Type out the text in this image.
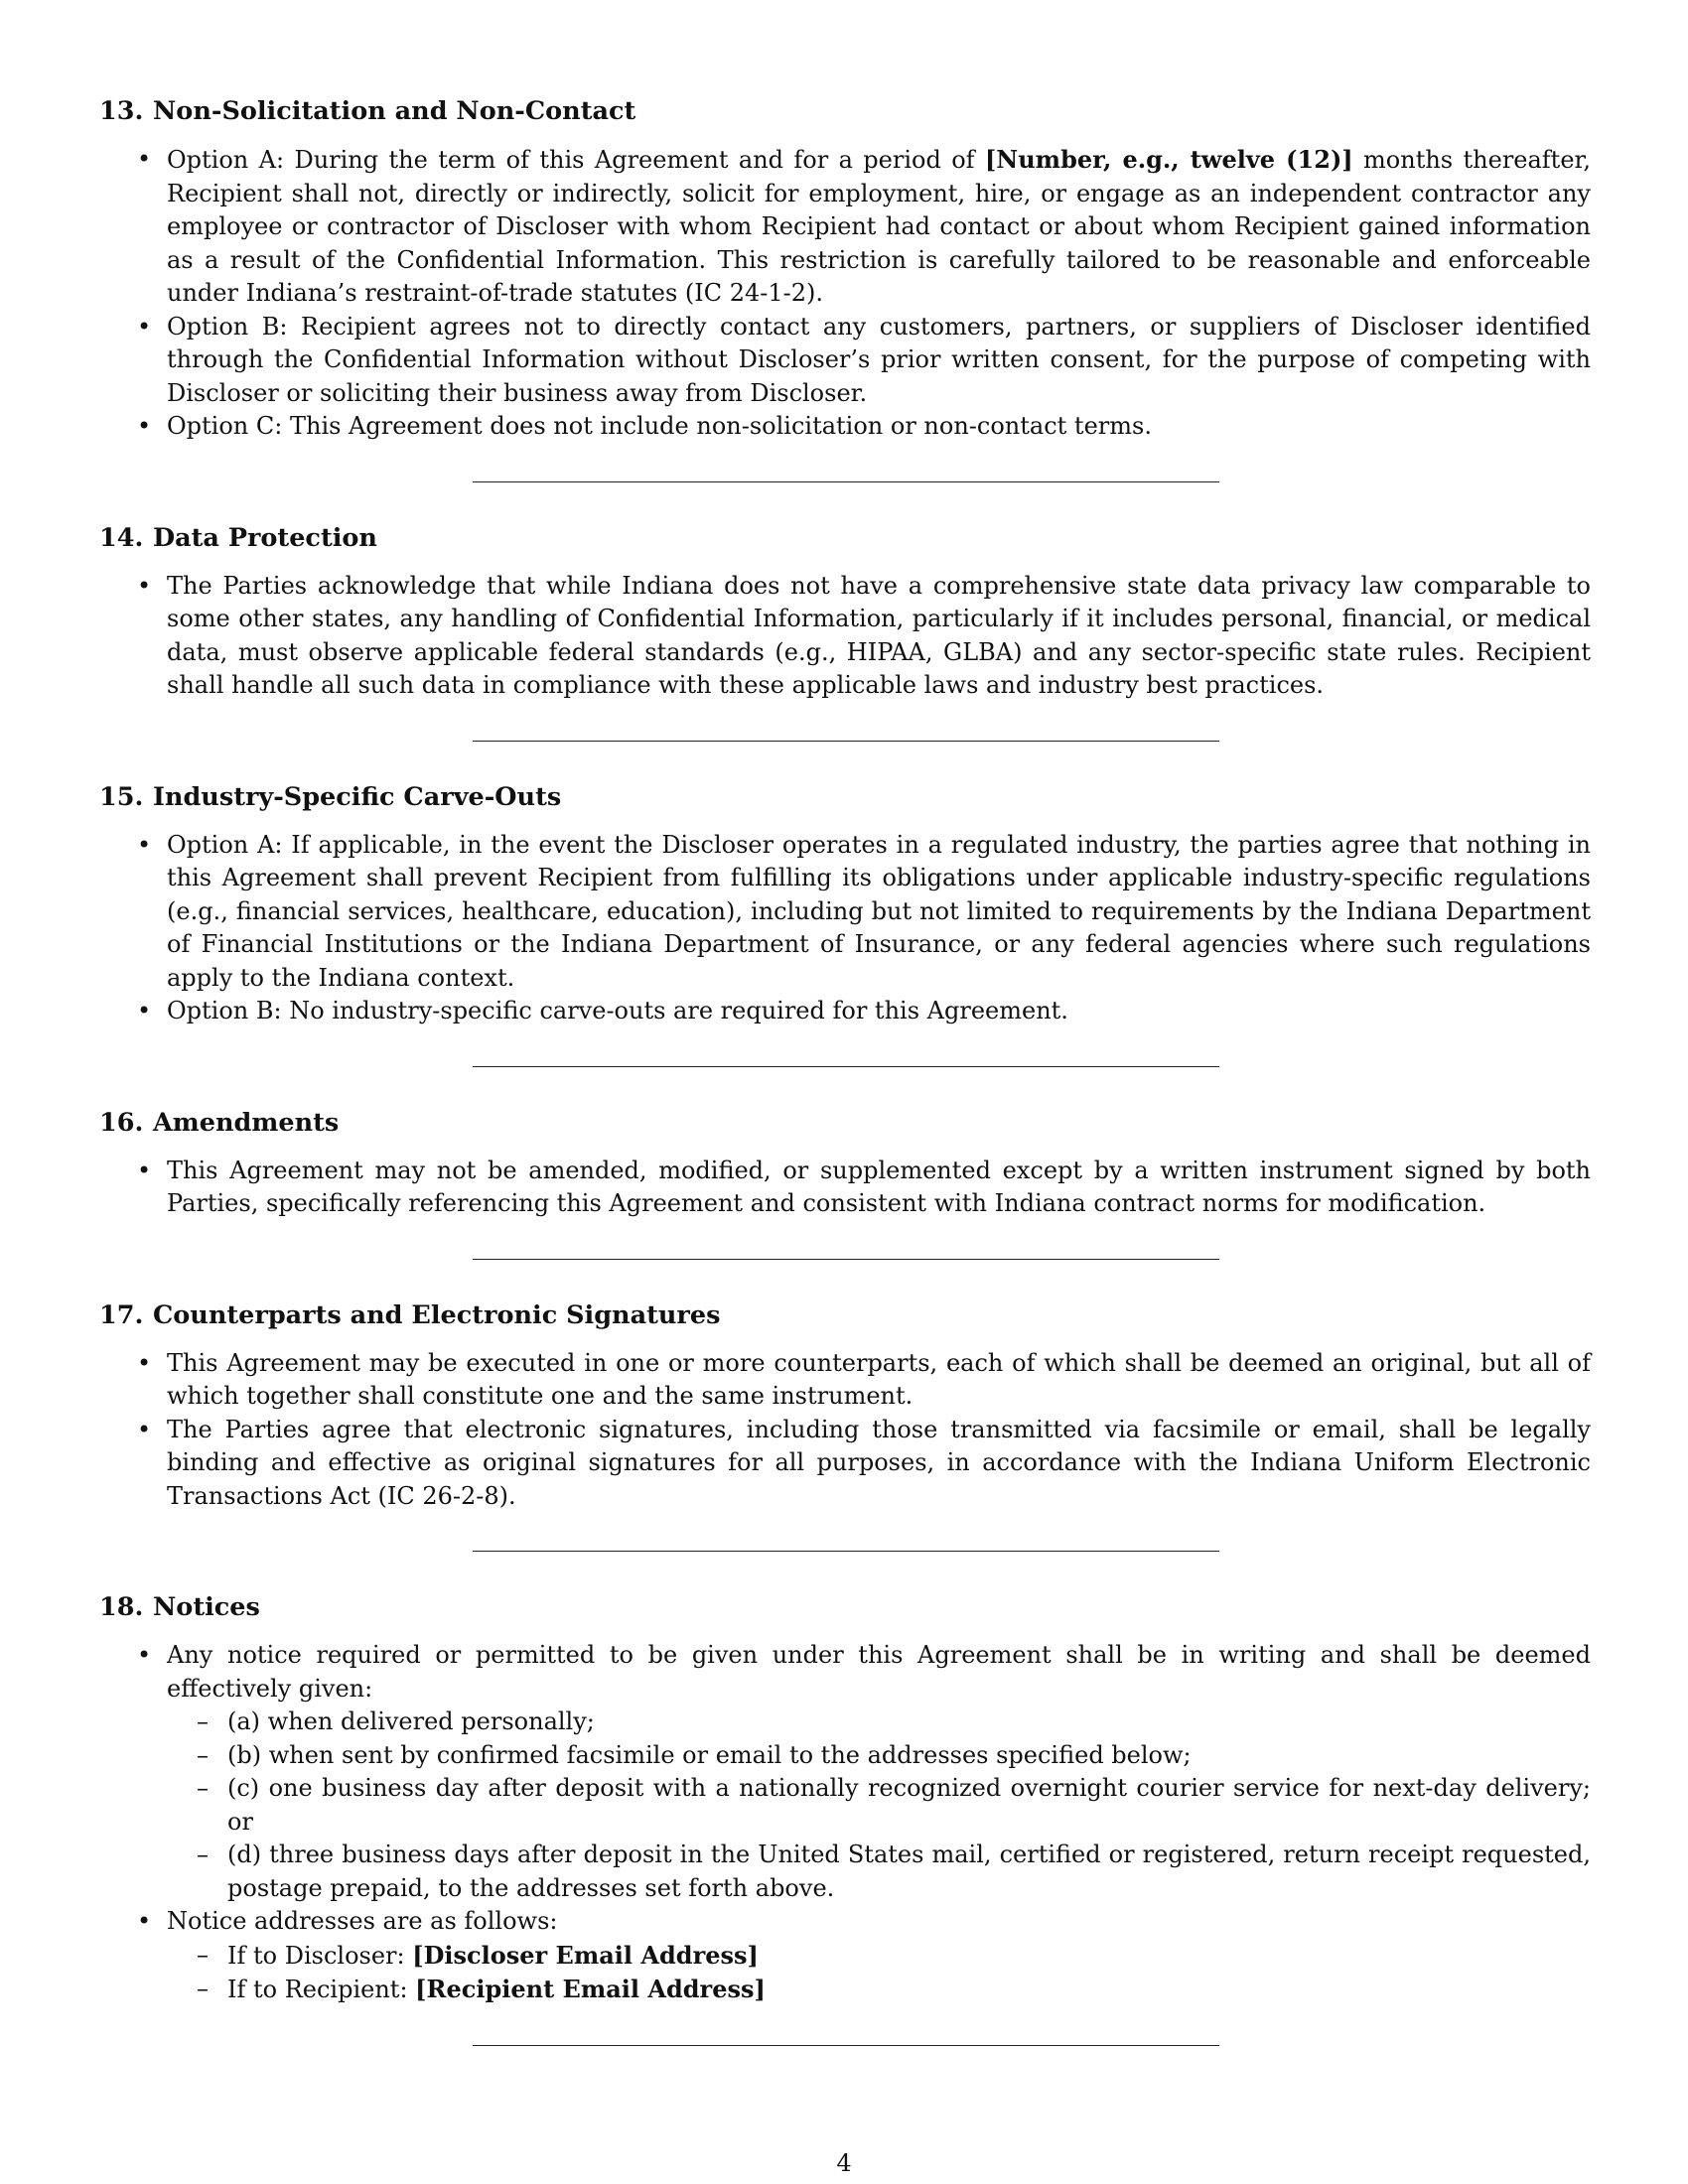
13. Non-Solicitation and Non-Contact
• Option A: During the term of this Agreement and for a period of [Number, e.g., twelve (12)] months thereafter, Recipient shall not, directly or indirectly, solicit for employment, hire, or engage as an independent contractor any employee or contractor of Discloser with whom Recipient had contact or about whom Recipient gained information as a result of the Confidential Information. This restriction is carefully tailored to be reasonable and enforceable under Indiana’s restraint-of-trade statutes (IC 24-1-2).
• Option B: Recipient agrees not to directly contact any customers, partners, or suppliers of Discloser identified through the Confidential Information without Discloser’s prior written consent, for the purpose of competing with Discloser or soliciting their business away from Discloser.
• Option C: This Agreement does not include non-solicitation or non-contact terms.
14. Data Protection
• The Parties acknowledge that while Indiana does not have a comprehensive state data privacy law comparable to some other states, any handling of Confidential Information, particularly if it includes personal, financial, or medical data, must observe applicable federal standards (e.g., HIPAA, GLBA) and any sector-specific state rules. Recipient shall handle all such data in compliance with these applicable laws and industry best practices.
15. Industry-Specific Carve-Outs
• Option A: If applicable, in the event the Discloser operates in a regulated industry, the parties agree that nothing in this Agreement shall prevent Recipient from fulfilling its obligations under applicable industry-specific regulations (e.g., financial services, healthcare, education), including but not limited to requirements by the Indiana Department of Financial Institutions or the Indiana Department of Insurance, or any federal agencies where such regulations apply to the Indiana context.
• Option B: No industry-specific carve-outs are required for this Agreement.
16. Amendments
• This Agreement may not be amended, modified, or supplemented except by a written instrument signed by both Parties, specifically referencing this Agreement and consistent with Indiana contract norms for modification.
17. Counterparts and Electronic Signatures
• This Agreement may be executed in one or more counterparts, each of which shall be deemed an original, but all of which together shall constitute one and the same instrument.
• The Parties agree that electronic signatures, including those transmitted via facsimile or email, shall be legally binding and effective as original signatures for all purposes, in accordance with the Indiana Uniform Electronic Transactions Act (IC 26-2-8).
18. Notices
• Any notice required or permitted to be given under this Agreement shall be in writing and shall be deemed effectively given:
– (a) when delivered personally;
– (b) when sent by confirmed facsimile or email to the addresses specified below;
– (c) one business day after deposit with a nationally recognized overnight courier service for next-day delivery; or
– (d) three business days after deposit in the United States mail, certified or registered, return receipt requested, postage prepaid, to the addresses set forth above.
• Notice addresses are as follows:
– If to Discloser: [Discloser Email Address]
– If to Recipient: [Recipient Email Address]
4
